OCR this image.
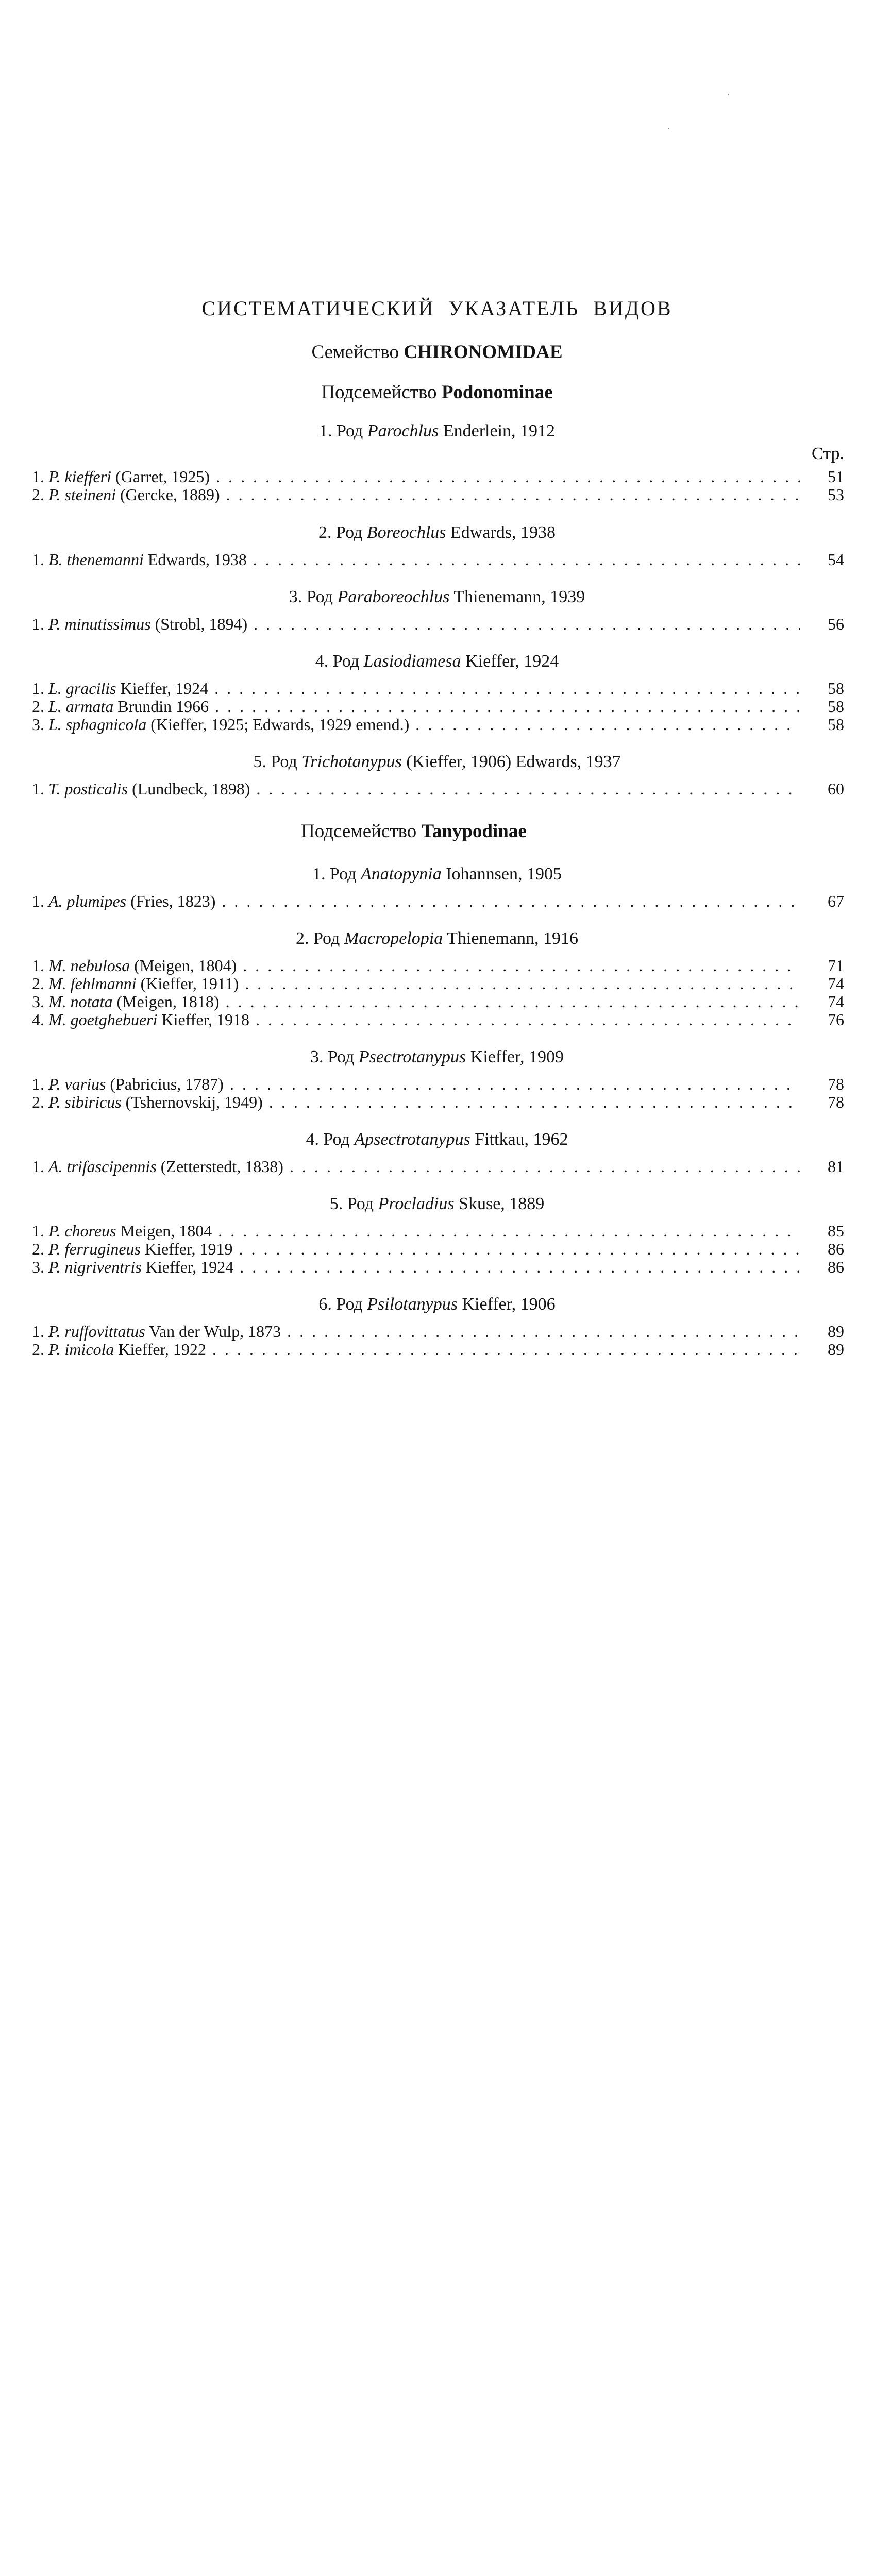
СИСТЕМАТИЧЕСКИЙ УКАЗАТЕЛЬ ВИДОВ
Семейство CHIRONOMIDAE
Подсемейство Podonominae
Стр.
1. Род Parochlus Enderlein, 1912
1. P. kiefferi (Garret, 1925) . . .	51
2. P. steineni (Gercke, 1889) . . .	53
2. Род Boreochlus Edwards, 1938
1. B. thenemanni Edwards, 1938 . . .	54
3. Род Paraboreochlus Thienemann, 1939
1. P. minutissimus (Strobl, 1894) . . .	56
4. Род Lasiodiamesa Kieffer, 1924
1. L. gracilis Kieffer, 1924 . . .	58
2. L. armata Brundin 1966 . . .	58
3. L. sphagnicola (Kieffer, 1925; Edwards, 1929 emend.) . . .	58
5. Род Trichotanypus (Kieffer, 1906) Edwards, 1937
1. T. posticalis (Lundbeck, 1898) . . .	60
Подсемейство Tanypodinae
1. Род Anatopynia Iohannsen, 1905
1. A. plumipes (Fries, 1823) . . .	67
2. Род Macropelopia Thienemann, 1916
1. M. nebulosa (Meigen, 1804) . . .	71
2. M. fehlmanni (Kieffer, 1911) . . .	74
3. M. notata (Meigen, 1818) . . .	74
4. M. goetghebueri Kieffer, 1918 . . .	76
3. Род Psectrotanypus Kieffer, 1909
1. P. varius (Pabricius, 1787) . . .	78
2. P. sibiricus (Tshernovskij, 1949) . . .	78
4. Род Apsectrotanypus Fittkau, 1962
1. A. trifascipennis (Zetterstedt, 1838) . . .	81
5. Род Procladius Skuse, 1889
1. P. choreus Meigen, 1804 . . .	85
2. P. ferrugineus Kieffer, 1919 . . .	86
3. P. nigriventris Kieffer, 1924 . . .	86
6. Род Psilotanypus Kieffer, 1906
1. P. ruffovittatus Van der Wulp, 1873 . . .	89
2. P. imicola Kieffer, 1922 . . .	89
